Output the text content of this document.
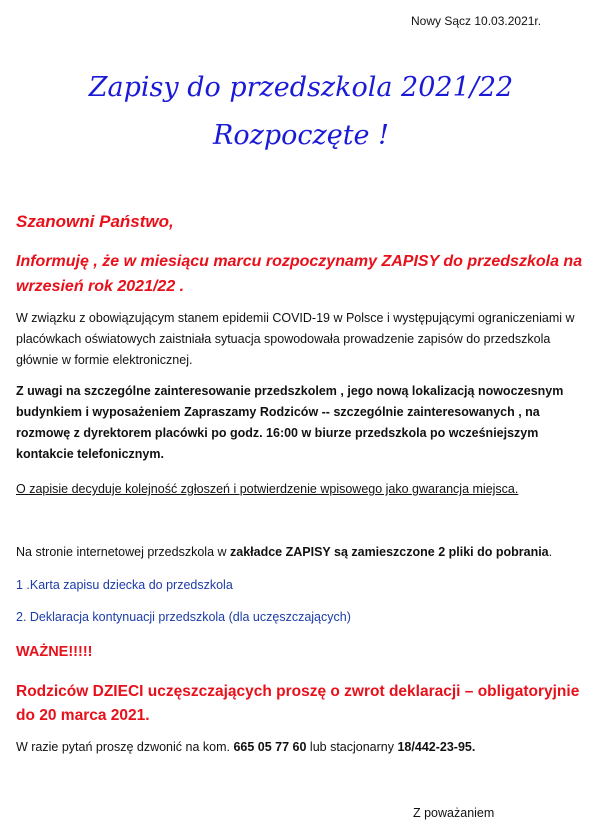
Nowy Sącz 10.03.2021r.
Zapisy do przedszkola 2021/22
Rozpoczęte !
Szanowni Państwo,

Informuję , że w miesiącu marcu rozpoczynamy ZAPISY do przedszkola na wrzesień rok 2021/22 .

W związku z obowiązującym stanem epidemii COVID-19 w Polsce i występującymi ograniczeniami w placówkach oświatowych zaistniała sytuacja spowodowała prowadzenie zapisów do przedszkola głównie w formie elektronicznej.

Z uwagi na szczególne zainteresowanie przedszkolem , jego nową lokalizacją nowoczesnym budynkiem i wyposażeniem Zapraszamy Rodziców -- szczególnie zainteresowanych , na rozmowę z dyrektorem placówki po godz. 16:00 w biurze przedszkola po wcześniejszym kontakcie telefonicznym.

O zapisie decyduje kolejność zgłoszeń i potwierdzenie wpisowego jako gwarancja miejsca.

Na stronie internetowej przedszkola w zakładce ZAPISY są zamieszczone 2 pliki do pobrania.

1 .Karta zapisu dziecka do przedszkola
2. Deklaracja kontynuacji przedszkola (dla uczęszczających)
WAŻNE!!!!!

Rodziców DZIECI uczęszczających proszę o zwrot deklaracji – obligatoryjnie do 20 marca 2021.

W razie pytań proszę dzwonić na kom. 665 05 77 60 lub stacjonarny 18/442-23-95.

Z poważaniem
